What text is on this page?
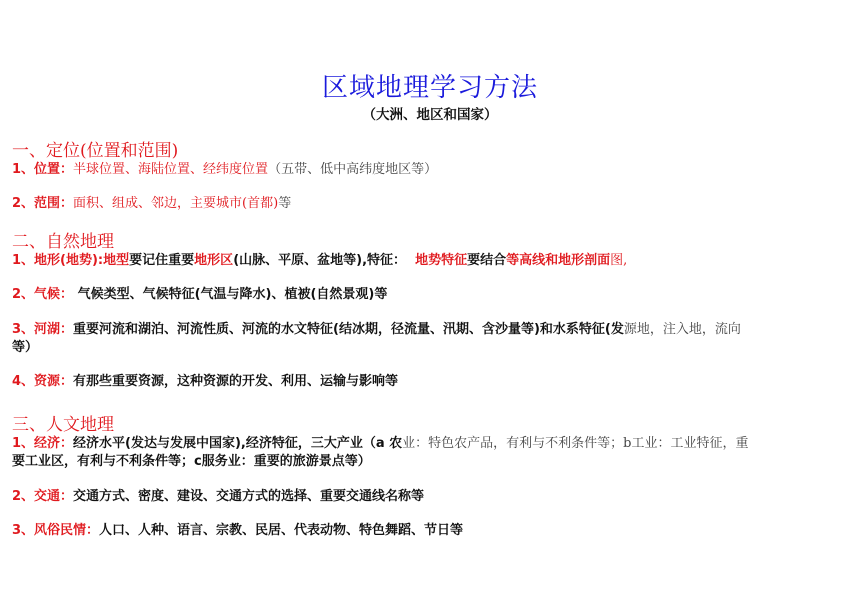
区域地理学习方法
（大洲、地区和国家）
一、定位(位置和范围)
1、位置：半球位置、海陆位置、经纬度位置（五带、低中高纬度地区等）
2、范围：面积、组成、邻边，主要城市(首都)等
二、自然地理
1、地形(地势):地型要记住重要地形区(山脉、平原、盆地等),特征：  地势特征要结合等高线和地形剖面图,
2、气候： 气候类型、气候特征(气温与降水)、植被(自然景观)等
3、河湖：重要河流和湖泊、河流性质、河流的水文特征(结冰期，径流量、汛期、含沙量等)和水系特征(发源地，注入地，流向
等）
4、资源：有那些重要资源，这种资源的开发、利用、运输与影响等
三、人文地理
1、经济：经济水平(发达与发展中国家),经济特征，三大产业（a 农业：特色农产品，有利与不利条件等；b工业：工业特征，重
要工业区，有利与不利条件等；c服务业：重要的旅游景点等）
2、交通：交通方式、密度、建设、交通方式的选择、重要交通线名称等
3、风俗民情：人口、人种、语言、宗教、民居、代表动物、特色舞蹈、节日等
